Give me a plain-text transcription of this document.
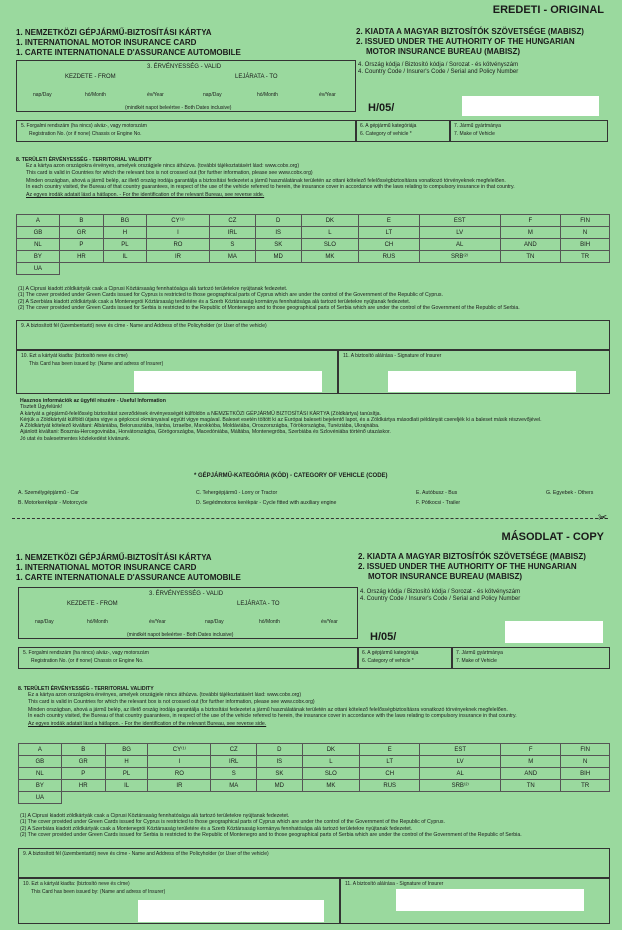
EREDETI - ORIGINAL
1. NEMZETKÖZI GÉPJÁRMŰ-BIZTOSÍTÁSI KÁRTYA
1. INTERNATIONAL MOTOR INSURANCE CARD
1. CARTE INTERNATIONALE D'ASSURANCE AUTOMOBILE
2. KIADTA A MAGYAR BIZTOSÍTÓK SZÖVETSÉGE (MABISZ)
2. ISSUED UNDER THE AUTHORITY OF THE HUNGARIAN
MOTOR INSURANCE BUREAU (MABISZ)
3. ÉRVÉNYESSÉG - VALID
KEZDETE - FROM	LEJÁRATA - TO
nap/Day	hó/Month	év/Year	nap/Day	hó/Month	év/Year
(mindkét napot beleértve - Both Dates inclusive)
4. Ország kódja / Biztosító kódja / Sorozat - és kötvényszám
4. Country Code / Insurer's Code / Serial and Policy Number
H/05/
5. Forgalmi rendszám (ha nincs) alváz-, vagy motorszám
Registration No. (or if none) Chassis or Engine No.
6. A gépjármű kategóriája
6. Category of vehicle *
7. Jármű gyártmánya
7. Make of Vehicle
8. TERÜLETI ÉRVÉNYESSÉG - TERRITORIAL VALIDITY
Ez a kártya azon országokra érvényes, amelyek országjele nincs áthúzva. (további tájékoztatásért lásd: www.cobx.org)
This card is valid in Countries for which the relevant box is not crossed out (for further information, please see www.cobx.org)
Minden országban, ahová a jármű belép, az illető ország irodája garantálja a biztosítási fedezetet a jármű használatának területén az ottani kötelező felelősségbiztosításra vonatkozó törvényeknek megfelelően.
In each country visited, the Bureau of that country guarantees, in respect of the use of the vehicle referred to herein, the insurance cover in accordance with the laws relating to compulsory insurance in that country.
Az egyes irodák adatait lásd a hátlapon. - For the identification of the relevant Bureau, see reverse side.
A	B	BG	CY⁽¹⁾	CZ	D	DK	E	EST	F	FIN
GB	GR	H	I	IRL	IS	L	LT	LV	M	N
NL	P	PL	RO	S	SK	SLO	CH	AL	AND	BIH
BY	HR	IL	IR	MA	MD	MK	RUS	SRB⁽²⁾	TN	TR
UA										
(1) A Ciprusi kiadott zöldkártyák csak a Ciprusi Köztársaság fennhatósága alá tartozó területekre nyújtanak fedezetet.
(1) The cover provided under Green Cards issued for Cyprus is restricted to those geographical parts of Cyprus which are under the control of the Government of the Republic of Cyprus.
(2) A Szerbiára kiadott zöldkártyák csak a Montenegrói Köztársaság területére és a Szerb Köztársaság kormánya fennhatósága alá tartozó területekre nyújtanak fedezetet.
(2) The cover provided under Green Cards issued for Serbia is restricted to the Republic of Montenegro and to those geographical parts of Serbia which are under the control of the Government of the Republic of Serbia.
9. A biztosított fél (üzembentartó) neve és címe - Name and Address of the Policyholder (or User of the vehicle)
10. Ezt a kártyát kiadta: (biztosító neve és címe)
This Card has been issued by: (Name and adress of Insurer)
11. A biztosító aláírása - Signature of Insurer
Hasznos információk az ügyfél részére - Useful Information
Tisztelt Ügyfelünk!
A kártyát a gépjármű-felelősség biztosítást szerződések érvényességét külföldön a NEMZETKÖZI GÉPJÁRMŰ BIZTOSÍTÁSI KÁRTYA (Zöldkártya) tanúsítja.
Kérjük a Zöldkártyát külföldi útjaira vigye a gépkocsi okmányaival együtt vigye magával. Baleset esetén töltött ki az Európai baleseti bejelentő lapot, és a Zöldkártya másodlati példányát csereljék ki a baleset másik részvevőjével.
A Zöldkártyát kötelező kiváltani: Albániába, Belorussziába, Iránba, Izraelbe, Marokkóba, Moldáviába, Oroszországba, Törökországba, Tunéziába, Ukrajnába.
Ajánlott kiváltani: Bosznia-Hercegovinába, Horvátországba, Görögországba, Macedóniába, Máltába, Montenegróba, Szerbiába és Szlovéniába történő utazáskor.
Jó utat és balesetmentes közlekedést kívánunk.
* GÉPJÁRMŰ-KATEGÓRIA (KÓD) - CATEGORY OF VEHICLE (CODE)
A. Személygépjármű - Car
B. Motorkerékpár - Motorcycle
C. Tehergépjármű - Lorry or Tractor
D. Segédmotoros kerékpár - Cycle fitted with auxiliary engine
E. Autóbusz - Bus
F. Pótkocsi - Trailer
G. Egyebek - Others
✂
MÁSODLAT - COPY
1. NEMZETKÖZI GÉPJÁRMŰ-BIZTOSÍTÁSI KÁRTYA
1. INTERNATIONAL MOTOR INSURANCE CARD
1. CARTE INTERNATIONALE D'ASSURANCE AUTOMOBILE
2. KIADTA A MAGYAR BIZTOSÍTÓK SZÖVETSÉGE (MABISZ)
2. ISSUED UNDER THE AUTHORITY OF THE HUNGARIAN
MOTOR INSURANCE BUREAU (MABISZ)
3. ÉRVÉNYESSÉG - VALID
KEZDETE - FROM	LEJÁRATA - TO
nap/Day	hó/Month	év/Year	nap/Day	hó/Month	év/Year
(mindkét napot beleértve - Both Dates inclusive)
4. Ország kódja / Biztosító kódja / Sorozat - és kötvényszám
4. Country Code / Insurer's Code / Serial and Policy Number
H/05/
5. Forgalmi rendszám (ha nincs) alváz-, vagy motorszám
Registration No. (or if none) Chassis or Engine No.
6. A gépjármű kategóriája
6. Category of vehicle *
7. Jármű gyártmánya
7. Make of Vehicle
8. TERÜLETI ÉRVÉNYESSÉG - TERRITORIAL VALIDITY
Ez a kártya azon országokra érvényes, amelyek országjele nincs áthúzva. (további tájékoztatásért lásd: www.cobx.org)
This card is valid in Countries for which the relevant box is not crossed out (for further information, please see www.cobx.org)
Minden országban, ahová a jármű belép, az illető ország irodája garantálja a biztosítási fedezetet a jármű használatának területén az ottani kötelező felelősségbiztosításra vonatkozó törvényeknek megfelelően.
In each country visited, the Bureau of that country guarantees, in respect of the use of the vehicle referred to herein, the insurance cover in accordance with the laws relating to compulsory insurance in that country.
Az egyes irodák adatait lásd a hátlapon. - For the identification of the relevant Bureau, see reverse side.
A	B	BG	CY⁽¹⁾	CZ	D	DK	E	EST	F	FIN
GB	GR	H	I	IRL	IS	L	LT	LV	M	N
NL	P	PL	RO	S	SK	SLO	CH	AL	AND	BIH
BY	HR	IL	IR	MA	MD	MK	RUS	SRB⁽²⁾	TN	TR
UA										
(1) A Ciprusi kiadott zöldkártyák csak a Ciprusi Köztársaság fennhatósága alá tartozó területekre nyújtanak fedezetet.
(1) The cover provided under Green Cards issued for Cyprus is restricted to those geographical parts of Cyprus which are under the control of the Government of the Republic of Cyprus.
(2) A Szerbiára kiadott zöldkártyák csak a Montenegrói Köztársaság területére és a Szerb Köztársaság kormánya fennhatósága alá tartozó területekre nyújtanak fedezetet.
(2) The cover provided under Green Cards issued for Serbia is restricted to the Republic of Montenegro and to those geographical parts of Serbia which are under the control of the Government of the Republic of Serbia.
9. A biztosított fél (üzembentartó) neve és címe - Name and Address of the Policyholder (or User of the vehicle)
10. Ezt a kártyát kiadta: (biztosító neve és címe)
This Card has been issued by: (Name and adress of Insurer)
11. A biztosító aláírása - Signature of Insurer
